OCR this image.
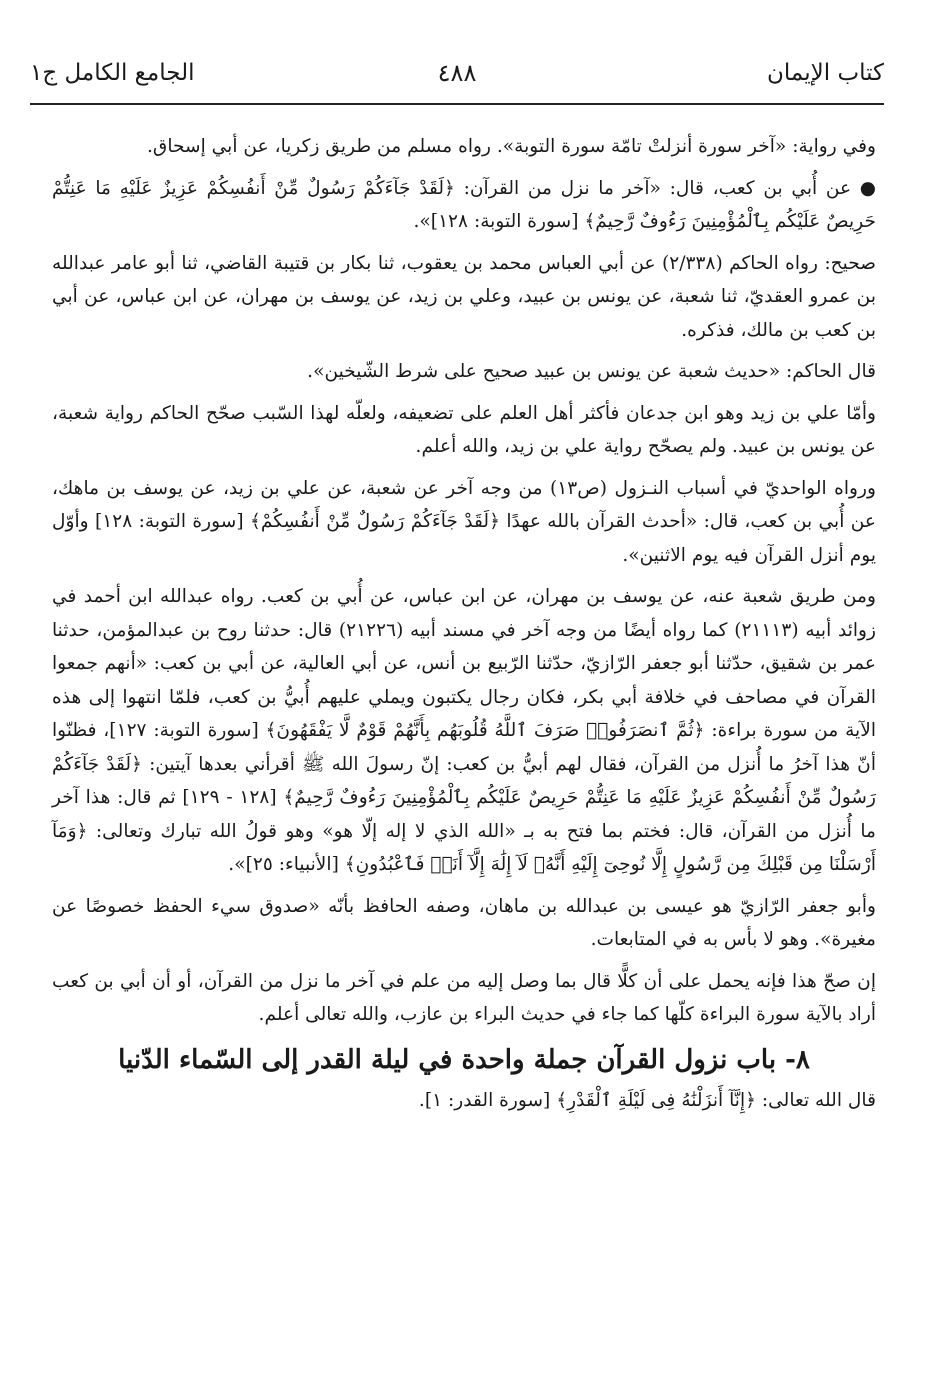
كتاب الإيمان
٤٨٨
الجامع الكامل ج١

وفي رواية: «آخر سورة أنزلتْ تامّة سورة التوبة». رواه مسلم من طريق زكريا، عن أبي إسحاق.

● عن أُبي بن كعب، قال: «آخر ما نزل من القرآن: ﴿لَقَدْ جَآءَكُمْ رَسُولٌ مِّنْ أَنفُسِكُمْ عَزِيزٌ عَلَيْهِ مَا عَنِتُّمْ حَرِيصٌ عَلَيْكُم بِٱلْمُؤْمِنِينَ رَءُوفٌ رَّحِيمٌ﴾ [سورة التوبة: ١٢٨]».

صحيح: رواه الحاكم (٢/٣٣٨) عن أبي العباس محمد بن يعقوب، ثنا بكار بن قتيبة القاضي، ثنا أبو عامر عبدالله بن عمرو العقديّ، ثنا شعبة، عن يونس بن عبيد، وعلي بن زيد، عن يوسف بن مهران، عن ابن عباس، عن أبي بن كعب بن مالك، فذكره.

قال الحاكم: «حديث شعبة عن يونس بن عبيد صحيح على شرط الشّيخين».

وأمّا علي بن زيد وهو ابن جدعان فأكثر أهل العلم على تضعيفه، ولعلّه لهذا السّبب صحّح الحاكم رواية شعبة، عن يونس بن عبيد. ولم يصحّح رواية علي بن زيد، والله أعلم.

ورواه الواحديّ في أسباب النـزول (ص١٣) من وجه آخر عن شعبة، عن علي بن زيد، عن يوسف بن ماهك، عن أُبي بن كعب، قال: «أحدث القرآن بالله عهدًا ﴿لَقَدْ جَآءَكُمْ رَسُولٌ مِّنْ أَنفُسِكُمْ﴾ [سورة التوبة: ١٢٨] وأوّل يوم أنزل القرآن فيه يوم الاثنين».

ومن طريق شعبة عنه، عن يوسف بن مهران، عن ابن عباس، عن أُبي بن كعب. رواه عبدالله ابن أحمد في زوائد أبيه (٢١١١٣) كما رواه أيضًا من وجه آخر في مسند أبيه (٢١٢٢٦) قال: حدثنا روح بن عبدالمؤمن، حدثنا عمر بن شقيق، حدّثنا أبو جعفر الرّازيّ، حدّثنا الرّبيع بن أنس، عن أبي العالية، عن أبي بن كعب: «أنهم جمعوا القرآن في مصاحف في خلافة أبي بكر، فكان رجال يكتبون ويملي عليهم أُبيُّ بن كعب، فلمّا انتهوا إلى هذه الآية من سورة براءة: ﴿ثُمَّ ٱنصَرَفُوا۟ صَرَفَ ٱللَّهُ قُلُوبَهُم بِأَنَّهُمْ قَوْمٌ لَّا يَفْقَهُونَ﴾ [سورة التوبة: ١٢٧]، فظنّوا أنّ هذا آخرُ ما أُنزل من القرآن، فقال لهم أبيُّ بن كعب: إنّ رسولَ الله ﷺ أقرأني بعدها آيتين: ﴿لَقَدْ جَآءَكُمْ رَسُولٌ مِّنْ أَنفُسِكُمْ عَزِيزٌ عَلَيْهِ مَا عَنِتُّمْ حَرِيصٌ عَلَيْكُم بِٱلْمُؤْمِنِينَ رَءُوفٌ رَّحِيمٌ﴾ [١٢٨ - ١٢٩] ثم قال: هذا آخر ما أُنزل من القرآن، قال: فختم بما فتح به بـ «الله الذي لا إله إلّا هو» وهو قولُ الله تبارك وتعالى: ﴿وَمَآ أَرْسَلْنَا مِن قَبْلِكَ مِن رَّسُولٍ إِلَّا نُوحِىٓ إِلَيْهِ أَنَّهُۥ لَآ إِلَٰهَ إِلَّآ أَنَا۠ فَٱعْبُدُونِ﴾ [الأنبياء: ٢٥]».

وأبو جعفر الرّازيّ هو عيسى بن عبدالله بن ماهان، وصفه الحافظ بأنّه «صدوق سيء الحفظ خصوصًا عن مغيرة». وهو لا بأس به في المتابعات.

إن صحّ هذا فإنه يحمل على أن كلًّا قال بما وصل إليه من علم في آخر ما نزل من القرآن، أو أن أبي بن كعب أراد بالآية سورة البراءة كلّها كما جاء في حديث البراء بن عازب، والله تعالى أعلم.

٨- باب نزول القرآن جملة واحدة في ليلة القدر إلى السّماء الدّنيا

قال الله تعالى: ﴿إِنَّآ أَنزَلْنَٰهُ فِى لَيْلَةِ ٱلْقَدْرِ﴾ [سورة القدر: ١].
